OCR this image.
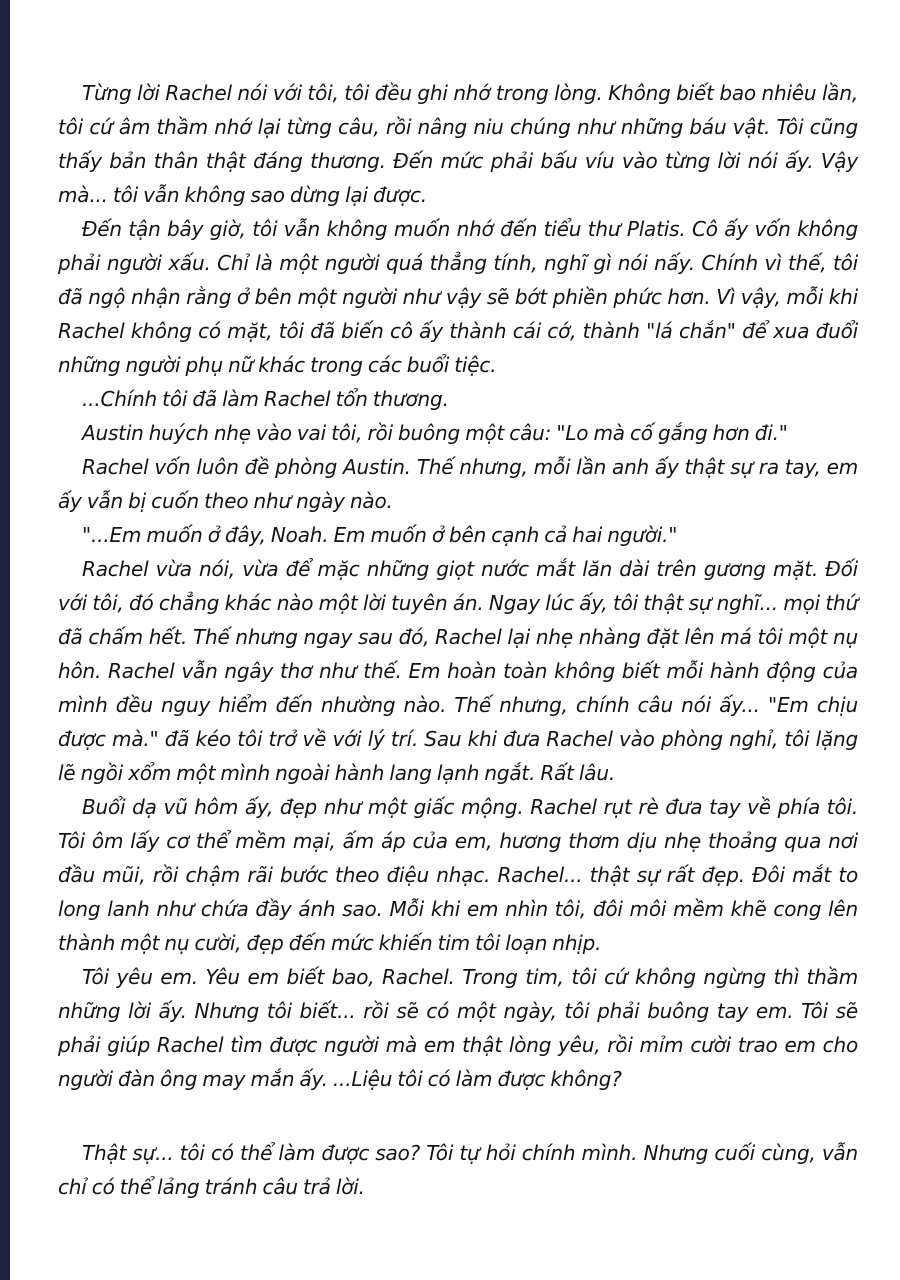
Từng lời Rachel nói với tôi, tôi đều ghi nhớ trong lòng. Không biết bao nhiêu lần, tôi cứ âm thầm nhớ lại từng câu, rồi nâng niu chúng như những báu vật. Tôi cũng thấy bản thân thật đáng thương. Đến mức phải bấu víu vào từng lời nói ấy. Vậy mà... tôi vẫn không sao dừng lại được.

Đến tận bây giờ, tôi vẫn không muốn nhớ đến tiểu thư Platis. Cô ấy vốn không phải người xấu. Chỉ là một người quá thẳng tính, nghĩ gì nói nấy. Chính vì thế, tôi đã ngộ nhận rằng ở bên một người như vậy sẽ bớt phiền phức hơn. Vì vậy, mỗi khi Rachel không có mặt, tôi đã biến cô ấy thành cái cớ, thành "lá chắn" để xua đuổi những người phụ nữ khác trong các buổi tiệc.

...Chính tôi đã làm Rachel tổn thương.

Austin huých nhẹ vào vai tôi, rồi buông một câu: "Lo mà cố gắng hơn đi."

Rachel vốn luôn đề phòng Austin. Thế nhưng, mỗi lần anh ấy thật sự ra tay, em ấy vẫn bị cuốn theo như ngày nào.

"...Em muốn ở đây, Noah. Em muốn ở bên cạnh cả hai người."

Rachel vừa nói, vừa để mặc những giọt nước mắt lăn dài trên gương mặt. Đối với tôi, đó chẳng khác nào một lời tuyên án. Ngay lúc ấy, tôi thật sự nghĩ... mọi thứ đã chấm hết. Thế nhưng ngay sau đó, Rachel lại nhẹ nhàng đặt lên má tôi một nụ hôn. Rachel vẫn ngây thơ như thế. Em hoàn toàn không biết mỗi hành động của mình đều nguy hiểm đến nhường nào. Thế nhưng, chính câu nói ấy... "Em chịu được mà." đã kéo tôi trở về với lý trí. Sau khi đưa Rachel vào phòng nghỉ, tôi lặng lẽ ngồi xổm một mình ngoài hành lang lạnh ngắt. Rất lâu.

Buổi dạ vũ hôm ấy, đẹp như một giấc mộng. Rachel rụt rè đưa tay về phía tôi. Tôi ôm lấy cơ thể mềm mại, ấm áp của em, hương thơm dịu nhẹ thoảng qua nơi đầu mũi, rồi chậm rãi bước theo điệu nhạc. Rachel... thật sự rất đẹp. Đôi mắt to long lanh như chứa đầy ánh sao. Mỗi khi em nhìn tôi, đôi môi mềm khẽ cong lên thành một nụ cười, đẹp đến mức khiến tim tôi loạn nhịp.

Tôi yêu em. Yêu em biết bao, Rachel. Trong tim, tôi cứ không ngừng thì thầm những lời ấy. Nhưng tôi biết... rồi sẽ có một ngày, tôi phải buông tay em. Tôi sẽ phải giúp Rachel tìm được người mà em thật lòng yêu, rồi mỉm cười trao em cho người đàn ông may mắn ấy. ...Liệu tôi có làm được không?

Thật sự... tôi có thể làm được sao? Tôi tự hỏi chính mình. Nhưng cuối cùng, vẫn chỉ có thể lảng tránh câu trả lời.
